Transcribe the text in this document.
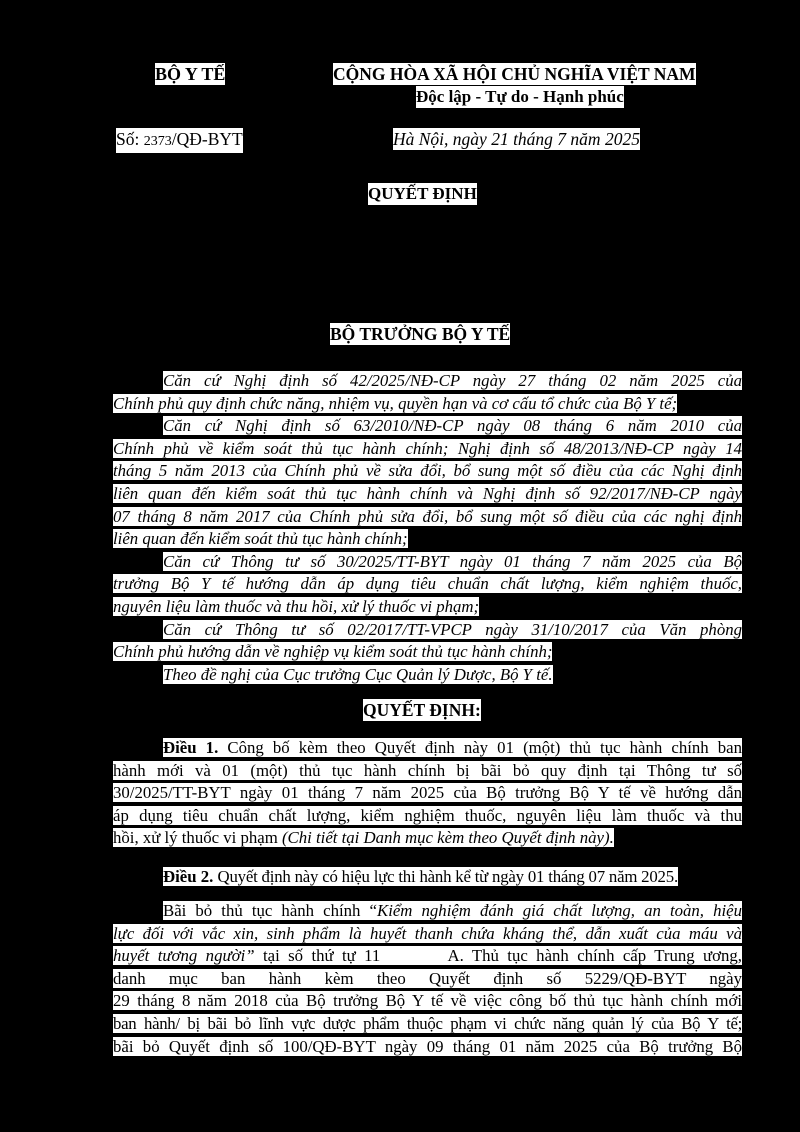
BỘ Y TẾ	CỘNG HÒA XÃ HỘI CHỦ NGHĨA VIỆT NAM
Độc lập - Tự do - Hạnh phúc
Số: 2373/QĐ-BYT	Hà Nội, ngày 21 tháng 7 năm 2025
QUYẾT ĐỊNH
BỘ TRƯỞNG BỘ Y TẾ
Căn cứ Nghị định số 42/2025/NĐ-CP ngày 27 tháng 02 năm 2025 của
Chính phủ quy định chức năng, nhiệm vụ, quyền hạn và cơ cấu tổ chức của Bộ Y tế;
Căn cứ Nghị định số 63/2010/NĐ-CP ngày 08 tháng 6 năm 2010 của
Chính phủ về kiểm soát thủ tục hành chính; Nghị định số 48/2013/NĐ-CP ngày 14
tháng 5 năm 2013 của Chính phủ về sửa đổi, bổ sung một số điều của các Nghị định
liên quan đến kiểm soát thủ tục hành chính và Nghị định số 92/2017/NĐ-CP ngày
07 tháng 8 năm 2017 của Chính phủ sửa đổi, bổ sung một số điều của các nghị định
liên quan đến kiểm soát thủ tục hành chính;
Căn cứ Thông tư số 30/2025/TT-BYT ngày 01 tháng 7 năm 2025 của Bộ
trưởng Bộ Y tế hướng dẫn áp dụng tiêu chuẩn chất lượng, kiểm nghiệm thuốc,
nguyên liệu làm thuốc và thu hồi, xử lý thuốc vi phạm;
Căn cứ Thông tư số 02/2017/TT-VPCP ngày 31/10/2017 của Văn phòng
Chính phủ hướng dẫn về nghiệp vụ kiểm soát thủ tục hành chính;
Theo đề nghị của Cục trưởng Cục Quản lý Dược, Bộ Y tế.
QUYẾT ĐỊNH:
Điều 1. Công bố kèm theo Quyết định này 01 (một) thủ tục hành chính ban
hành mới và 01 (một) thủ tục hành chính bị bãi bỏ quy định tại Thông tư số
30/2025/TT-BYT ngày 01 tháng 7 năm 2025 của Bộ trưởng Bộ Y tế về hướng dẫn
áp dụng tiêu chuẩn chất lượng, kiểm nghiệm thuốc, nguyên liệu làm thuốc và thu
hồi, xử lý thuốc vi phạm (Chi tiết tại Danh mục kèm theo Quyết định này).
Điều 2. Quyết định này có hiệu lực thi hành kể từ ngày 01 tháng 07 năm 2025.
Bãi bỏ thủ tục hành chính “Kiểm nghiệm đánh giá chất lượng, an toàn, hiệu
lực đối với vắc xin, sinh phẩm là huyết thanh chứa kháng thể, dẫn xuất của máu và
huyết tương người” tại số thứ tự 11	A. Thủ tục hành chính cấp Trung ương,
danh mục ban hành kèm theo Quyết định số 5229/QĐ-BYT ngày
29 tháng 8 năm 2018 của Bộ trưởng Bộ Y tế về việc công bố thủ tục hành chính mới
ban hành/ bị bãi bỏ lĩnh vực dược phẩm thuộc phạm vi chức năng quản lý của Bộ Y tế;
bãi bỏ Quyết định số 100/QĐ-BYT ngày 09 tháng 01 năm 2025 của Bộ trưởng Bộ
